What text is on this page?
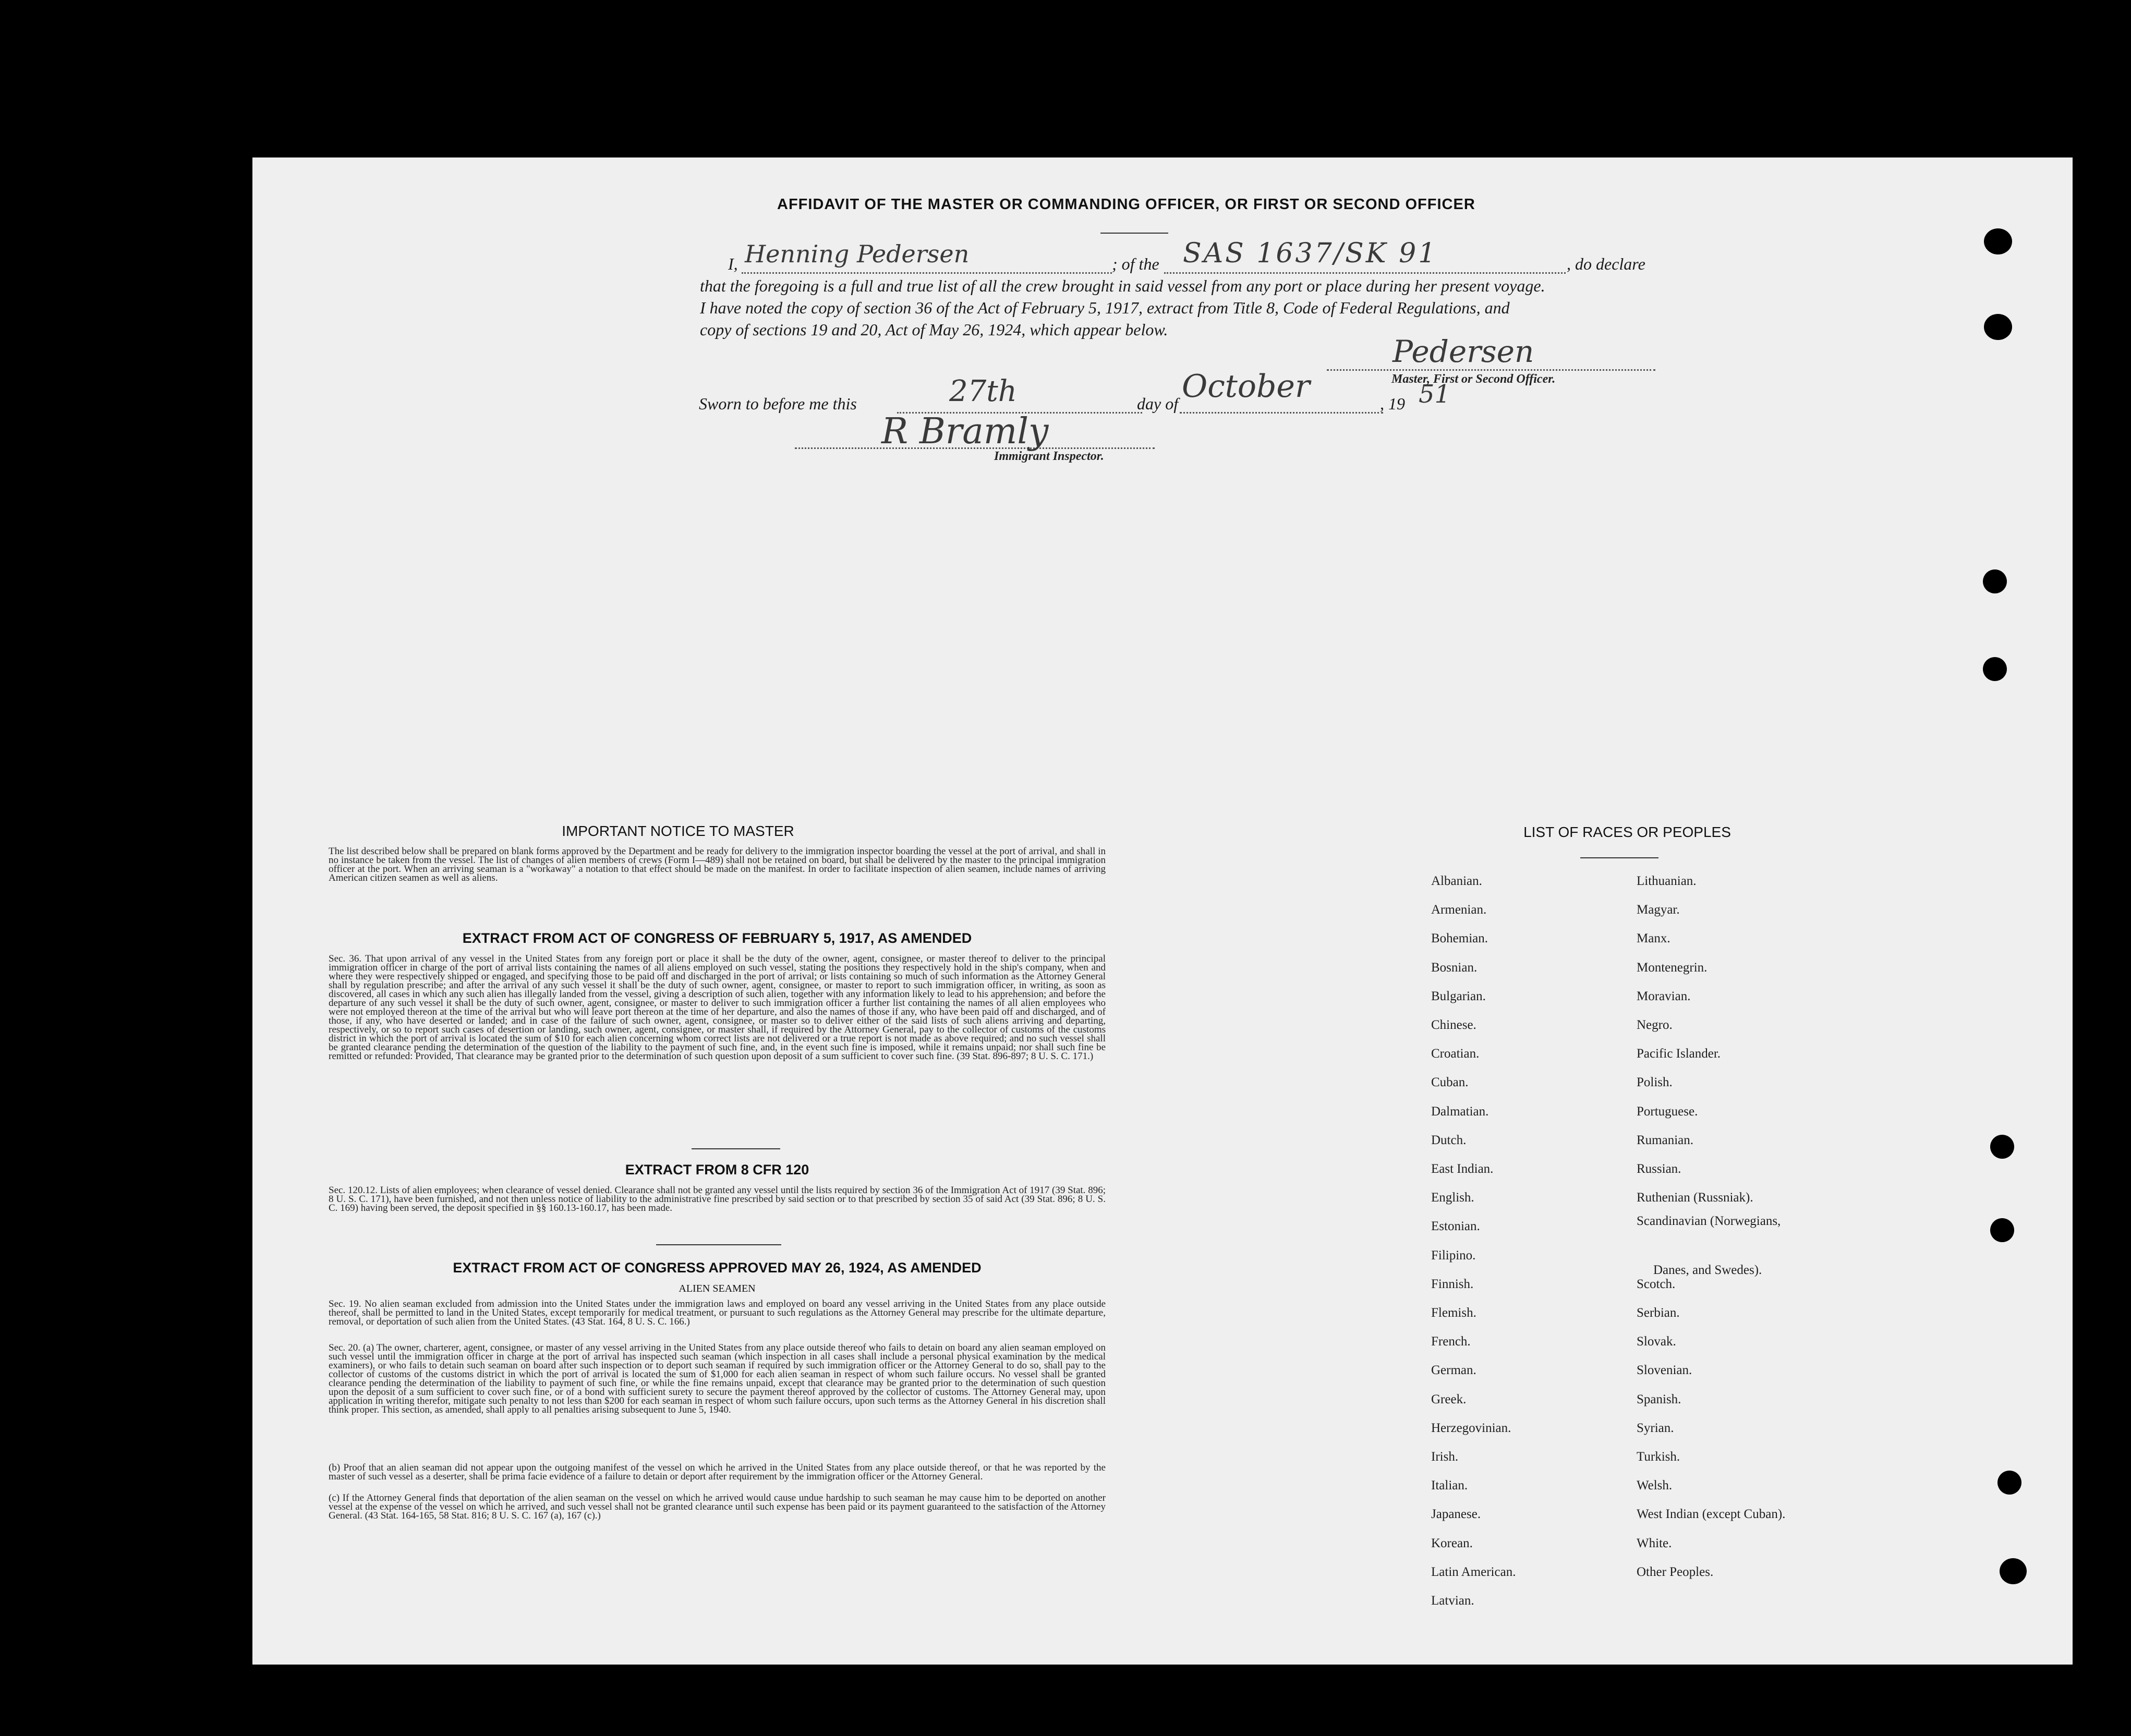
AFFIDAVIT OF THE MASTER OR COMMANDING OFFICER, OR FIRST OR SECOND OFFICER
I, Henning Pedersen	; of the SAS 1637/SK 91	, do declare
that the foregoing is a full and true list of all the crew brought in said vessel from any port or place during her present voyage.
I have noted the copy of section 36 of the Act of February 5, 1917, extract from Title 8, Code of Federal Regulations, and
copy of sections 19 and 20, Act of May 26, 1924, which appear below.
Pedersen
Master, First or Second Officer.
Sworn to before me this	27th	day of October	, 19 51
R Bramly
Immigrant Inspector.
IMPORTANT NOTICE TO MASTER
The list described below shall be prepared on blank forms approved by the Department and be ready for delivery to the immigration inspector boarding the vessel at the port of arrival, and shall in no instance be taken from the vessel. The list of changes of alien members of crews (Form I—489) shall not be retained on board, but shall be delivered by the master to the principal immigration officer at the port. When an arriving seaman is a "workaway" a notation to that effect should be made on the manifest. In order to facilitate inspection of alien seamen, include names of arriving American citizen seamen as well as aliens.
EXTRACT FROM ACT OF CONGRESS OF FEBRUARY 5, 1917, AS AMENDED
Sec. 36. That upon arrival of any vessel in the United States from any foreign port or place it shall be the duty of the owner, agent, consignee, or master thereof to deliver to the principal immigration officer in charge of the port of arrival lists containing the names of all aliens employed on such vessel, stating the positions they respectively hold in the ship's company, when and where they were respectively shipped or engaged, and specifying those to be paid off and discharged in the port of arrival; or lists containing so much of such information as the Attorney General shall by regulation prescribe; and after the arrival of any such vessel it shall be the duty of such owner, agent, consignee, or master to report to such immigration officer, in writing, as soon as discovered, all cases in which any such alien has illegally landed from the vessel, giving a description of such alien, together with any information likely to lead to his apprehension; and before the departure of any such vessel it shall be the duty of such owner, agent, consignee, or master to deliver to such immigration officer a further list containing the names of all alien employees who were not employed thereon at the time of the arrival but who will leave port thereon at the time of her departure, and also the names of those if any, who have been paid off and discharged, and of those, if any, who have deserted or landed; and in case of the failure of such owner, agent, consignee, or master so to deliver either of the said lists of such aliens arriving and departing, respectively, or so to report such cases of desertion or landing, such owner, agent, consignee, or master shall, if required by the Attorney General, pay to the collector of customs of the customs district in which the port of arrival is located the sum of $10 for each alien concerning whom correct lists are not delivered or a true report is not made as above required; and no such vessel shall be granted clearance pending the determination of the question of the liability to the payment of such fine, and, in the event such fine is imposed, while it remains unpaid; nor shall such fine be remitted or refunded: Provided, That clearance may be granted prior to the determination of such question upon deposit of a sum sufficient to cover such fine. (39 Stat. 896-897; 8 U. S. C. 171.)
EXTRACT FROM 8 CFR 120
Sec. 120.12. Lists of alien employees; when clearance of vessel denied. Clearance shall not be granted any vessel until the lists required by section 36 of the Immigration Act of 1917 (39 Stat. 896; 8 U. S. C. 171), have been furnished, and not then unless notice of liability to the administrative fine prescribed by said section or to that prescribed by section 35 of said Act (39 Stat. 896; 8 U. S. C. 169) having been served, the deposit specified in §§ 160.13-160.17, has been made.
EXTRACT FROM ACT OF CONGRESS APPROVED MAY 26, 1924, AS AMENDED
ALIEN SEAMEN
Sec. 19. No alien seaman excluded from admission into the United States under the immigration laws and employed on board any vessel arriving in the United States from any place outside thereof, shall be permitted to land in the United States, except temporarily for medical treatment, or pursuant to such regulations as the Attorney General may prescribe for the ultimate departure, removal, or deportation of such alien from the United States. (43 Stat. 164, 8 U. S. C. 166.)
Sec. 20. (a) The owner, charterer, agent, consignee, or master of any vessel arriving in the United States from any place outside thereof who fails to detain on board any alien seaman employed on such vessel until the immigration officer in charge at the port of arrival has inspected such seaman (which inspection in all cases shall include a personal physical examination by the medical examiners), or who fails to detain such seaman on board after such inspection or to deport such seaman if required by such immigration officer or the Attorney General to do so, shall pay to the collector of customs of the customs district in which the port of arrival is located the sum of $1,000 for each alien seaman in respect of whom such failure occurs. No vessel shall be granted clearance pending the determination of the liability to payment of such fine, or while the fine remains unpaid, except that clearance may be granted prior to the determination of such question upon the deposit of a sum sufficient to cover such fine, or of a bond with sufficient surety to secure the payment thereof approved by the collector of customs. The Attorney General may, upon application in writing therefor, mitigate such penalty to not less than $200 for each seaman in respect of whom such failure occurs, upon such terms as the Attorney General in his discretion shall think proper. This section, as amended, shall apply to all penalties arising subsequent to June 5, 1940.
(b) Proof that an alien seaman did not appear upon the outgoing manifest of the vessel on which he arrived in the United States from any place outside thereof, or that he was reported by the master of such vessel as a deserter, shall be prima facie evidence of a failure to detain or deport after requirement by the immigration officer or the Attorney General.
(c) If the Attorney General finds that deportation of the alien seaman on the vessel on which he arrived would cause undue hardship to such seaman he may cause him to be deported on another vessel at the expense of the vessel on which he arrived, and such vessel shall not be granted clearance until such expense has been paid or its payment guaranteed to the satisfaction of the Attorney General. (43 Stat. 164-165, 58 Stat. 816; 8 U. S. C. 167 (a), 167 (c).)
LIST OF RACES OR PEOPLES
Albanian.
Armenian.
Bohemian.
Bosnian.
Bulgarian.
Chinese.
Croatian.
Cuban.
Dalmatian.
Dutch.
East Indian.
English.
Estonian.
Filipino.
Finnish.
Flemish.
French.
German.
Greek.
Herzegovinian.
Irish.
Italian.
Japanese.
Korean.
Latin American.
Latvian.
Lithuanian.
Magyar.
Manx.
Montenegrin.
Moravian.
Negro.
Pacific Islander.
Polish.
Portuguese.
Rumanian.
Russian.
Ruthenian (Russniak).
Scandinavian (Norwegians,
Danes, and Swedes).
Scotch.
Serbian.
Slovak.
Slovenian.
Spanish.
Syrian.
Turkish.
Welsh.
West Indian (except Cuban).
White.
Other Peoples.
